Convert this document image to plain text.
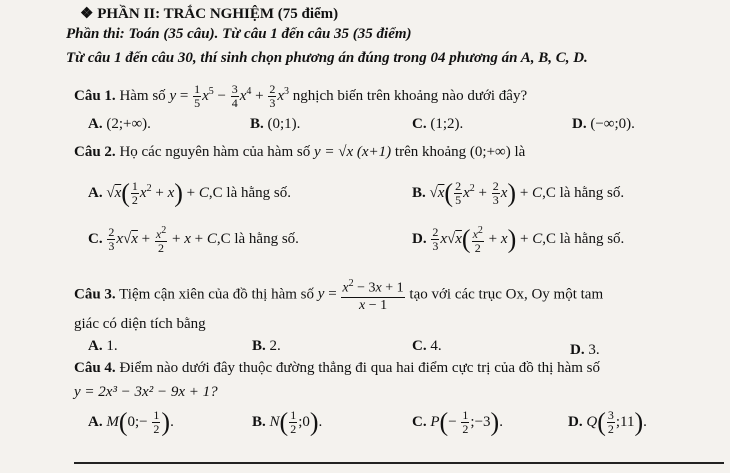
❖ PHẦN II: TRẮC NGHIỆM (75 điểm)
Phần thi: Toán (35 câu). Từ câu 1 đến câu 35 (35 điểm)
Từ câu 1 đến câu 30, thí sinh chọn phương án đúng trong 04 phương án A, B, C, D.
Câu 1. Hàm số $y = \frac{1}{5} x^5 - \frac{3}{4} x^4 + \frac{2}{3} x^3$ nghịch biến trên khoảng nào dưới đây?
A. (2;+∞).	B. (0;1).	C. (1;2).	D. (−∞;0).
Câu 2. Họ các nguyên hàm của hàm số y = √x (x+1) trên khoảng (0;+∞) là
A. $√x( \frac{1}{2} x^2 + x) + C,C$ là hằng số.	B. $√x( \frac{2}{5} x^2 + \frac{2}{3} x) + C,C$ là hằng số.
C. $\frac{2}{3} x√x + \frac{x^2}{2} + x + C,C$ là hằng số.	D. $\frac{2}{3} x√x( \frac{x^2}{2} + x) + C,C$ là hằng số.
Câu 3. Tiệm cận xiên của đồ thị hàm số $y = \frac{x^2 - 3x + 1}{x - 1}$ tạo với các trục Ox, Oy một tam
giác có diện tích bằng
A. 1.	B. 2.	C. 4.	D. 3.
Câu 4. Điểm nào dưới đây thuộc đường thẳng đi qua hai điểm cực trị của đồ thị hàm số
y = 2x³ − 3x² − 9x + 1?
A. M(0;− $\frac{1}{2}$ ).	B. $N( \frac{1}{2}$ ;0).	C. $P(- \frac{1}{2}$ ;−3).	D. $Q( \frac{3}{2}$ ;11).
